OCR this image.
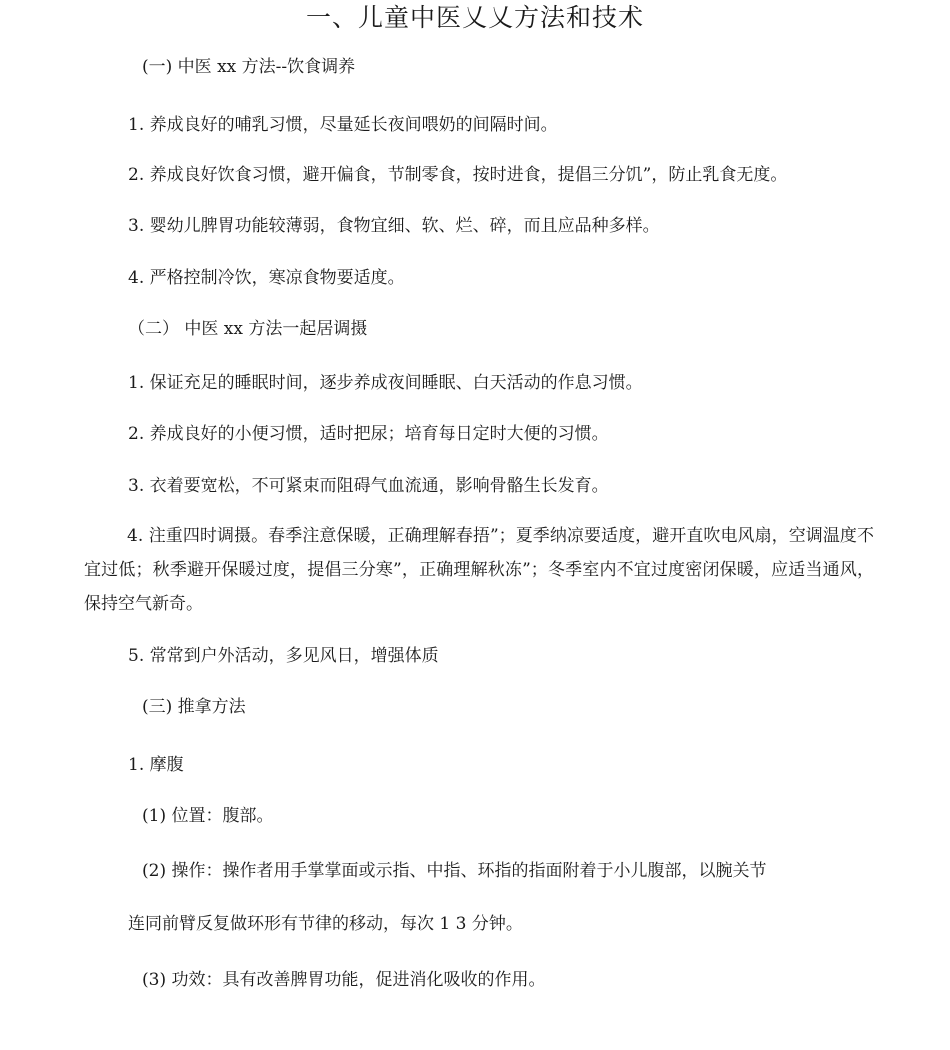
一、儿童中医乂乂方法和技术
(一) 中医 xx 方法--饮食调养
1. 养成良好的哺乳习惯，尽量延长夜间喂奶的间隔时间。
2. 养成良好饮食习惯，避开偏食，节制零食，按时进食，提倡三分饥”，防止乳食无度。
3. 婴幼儿脾胃功能较薄弱，食物宜细、软、烂、碎，而且应品种多样。
4. 严格控制冷饮，寒凉食物要适度。
（二） 中医 xx 方法一起居调摄
1. 保证充足的睡眠时间，逐步养成夜间睡眠、白天活动的作息习惯。
2. 养成良好的小便习惯，适时把尿；培育每日定时大便的习惯。
3. 衣着要宽松，不可紧束而阻碍气血流通，影响骨骼生长发育。
4. 注重四时调摄。春季注意保暖，正确理解春捂”；夏季纳凉要适度，避开直吹电风扇，空调温度不宜过低；秋季避开保暖过度，提倡三分寒”，正确理解秋冻”；冬季室内不宜过度密闭保暖，应适当通风，保持空气新奇。
5. 常常到户外活动，多见风日，增强体质
(三) 推拿方法
1. 摩腹
(1) 位置：腹部。
(2) 操作：操作者用手掌掌面或示指、中指、环指的指面附着于小儿腹部，以腕关节
连同前臂反复做环形有节律的移动，每次 1 3 分钟。
(3) 功效：具有改善脾胃功能，促进消化吸收的作用。
